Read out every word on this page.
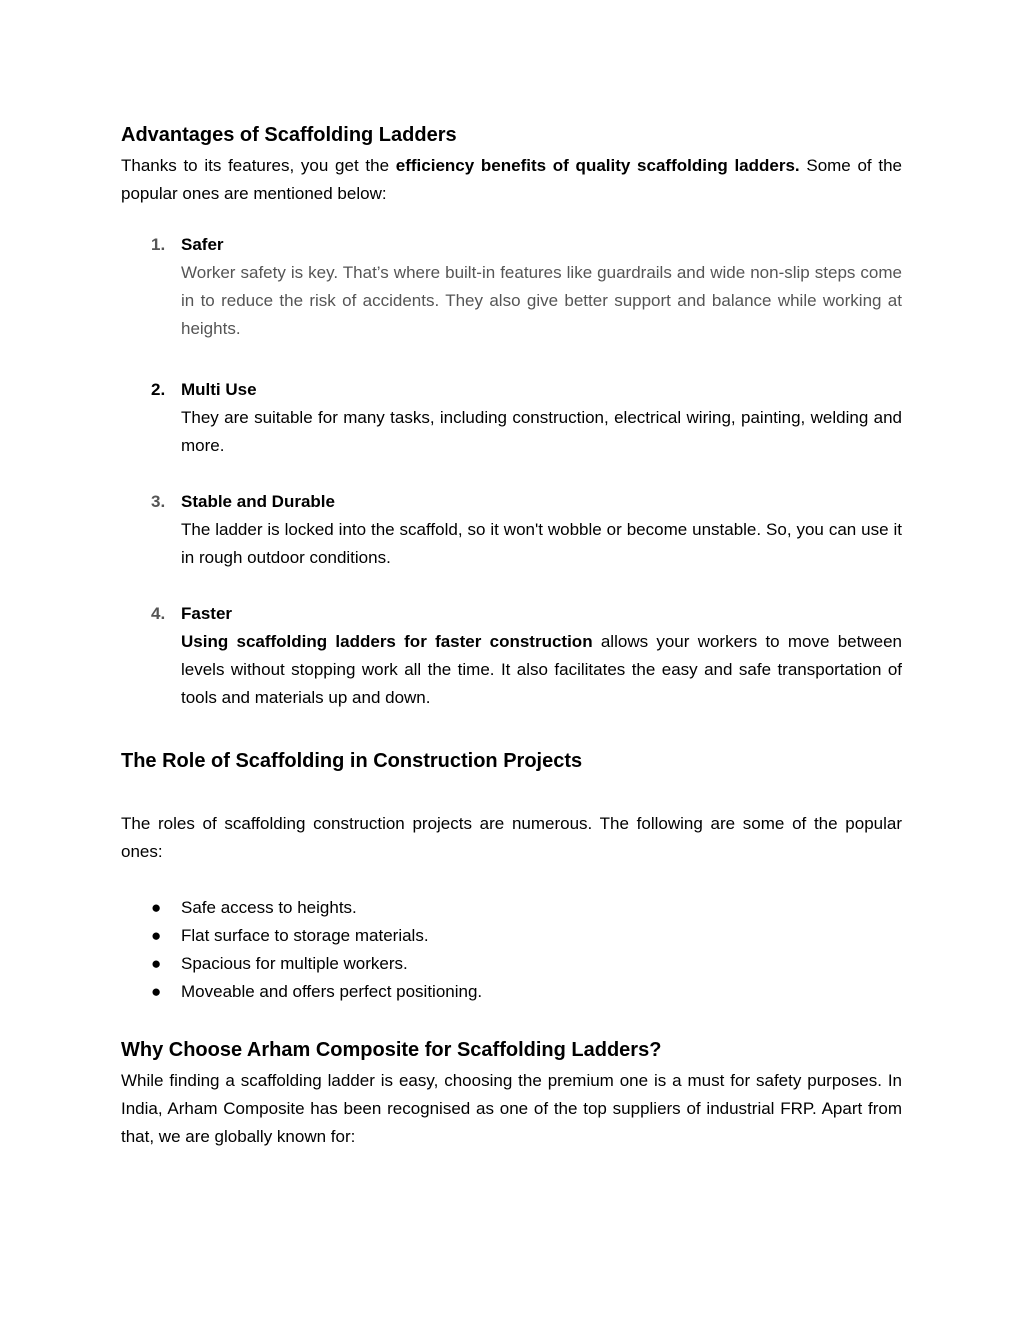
Advantages of Scaffolding Ladders

Thanks to its features, you get the efficiency benefits of quality scaffolding ladders. Some of the popular ones are mentioned below:

1. Safer
Worker safety is key. That’s where built-in features like guardrails and wide non-slip steps come in to reduce the risk of accidents. They also give better support and balance while working at heights.
2. Multi Use
They are suitable for many tasks, including construction, electrical wiring, painting, welding and more.
3. Stable and Durable
The ladder is locked into the scaffold, so it won't wobble or become unstable. So, you can use it in rough outdoor conditions.
4. Faster
Using scaffolding ladders for faster construction allows your workers to move between levels without stopping work all the time. It also facilitates the easy and safe transportation of tools and materials up and down.
The Role of Scaffolding in Construction Projects

The roles of scaffolding construction projects are numerous. The following are some of the popular ones:

● Safe access to heights.
● Flat surface to storage materials.
● Spacious for multiple workers.
● Moveable and offers perfect positioning.
Why Choose Arham Composite for Scaffolding Ladders?

While finding a scaffolding ladder is easy, choosing the premium one is a must for safety purposes. In India, Arham Composite has been recognised as one of the top suppliers of industrial FRP. Apart from that, we are globally known for:
